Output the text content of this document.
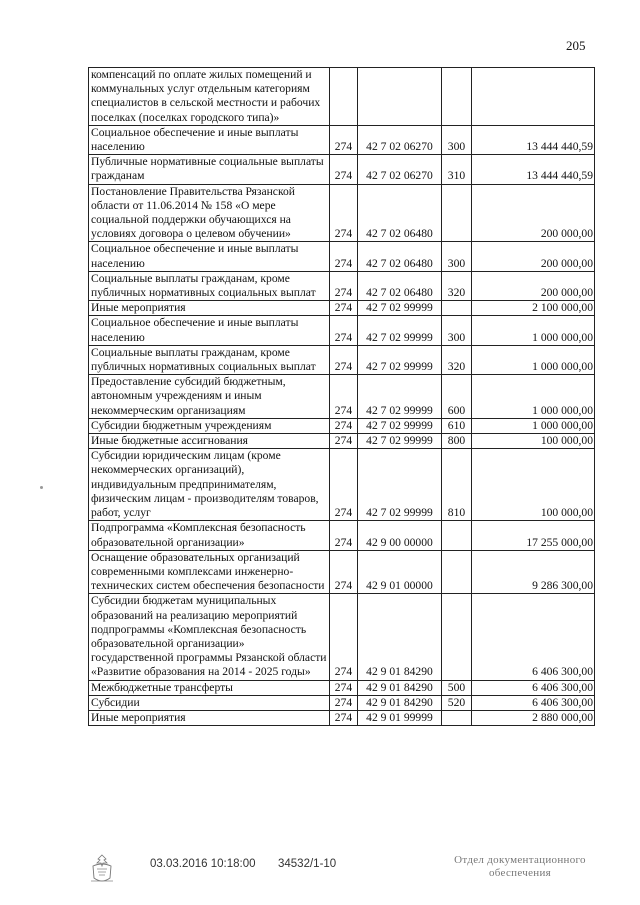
205
компенсаций по оплате жилых помещений и коммунальных услуг отдельным категориям специалистов в сельской местности и рабочих поселках (поселках городского типа)»				
Социальное обеспечение и иные выплаты населению	274	42 7 02 06270	300	13 444 440,59
Публичные нормативные социальные выплаты гражданам	274	42 7 02 06270	310	13 444 440,59
Постановление Правительства Рязанской области от 11.06.2014 № 158 «О мере социальной поддержки обучающихся на условиях договора о целевом обучении»	274	42 7 02 06480		200 000,00
Социальное обеспечение и иные выплаты населению	274	42 7 02 06480	300	200 000,00
Социальные выплаты гражданам, кроме публичных нормативных социальных выплат	274	42 7 02 06480	320	200 000,00
Иные мероприятия	274	42 7 02 99999		2 100 000,00
Социальное обеспечение и иные выплаты населению	274	42 7 02 99999	300	1 000 000,00
Социальные выплаты гражданам, кроме публичных нормативных социальных выплат	274	42 7 02 99999	320	1 000 000,00
Предоставление субсидий бюджетным, автономным учреждениям и иным некоммерческим организациям	274	42 7 02 99999	600	1 000 000,00
Субсидии бюджетным учреждениям	274	42 7 02 99999	610	1 000 000,00
Иные бюджетные ассигнования	274	42 7 02 99999	800	100 000,00
Субсидии юридическим лицам (кроме некоммерческих организаций), индивидуальным предпринимателям, физическим лицам - производителям товаров, работ, услуг	274	42 7 02 99999	810	100 000,00
Подпрограмма «Комплексная безопасность образовательной организации»	274	42 9 00 00000		17 255 000,00
Оснащение образовательных организаций современными комплексами инженерно-технических систем обеспечения безопасности	274	42 9 01 00000		9 286 300,00
Субсидии бюджетам муниципальных образований на реализацию мероприятий подпрограммы «Комплексная безопасность образовательной организации» государственной программы Рязанской области «Развитие образования на 2014 - 2025 годы»	274	42 9 01 84290		6 406 300,00
Межбюджетные трансферты	274	42 9 01 84290	500	6 406 300,00
Субсидии	274	42 9 01 84290	520	6 406 300,00
Иные мероприятия	274	42 9 01 99999		2 880 000,00
03.03.2016 10:18:00 34532/1-10	Отдел документационного
обеспечения
